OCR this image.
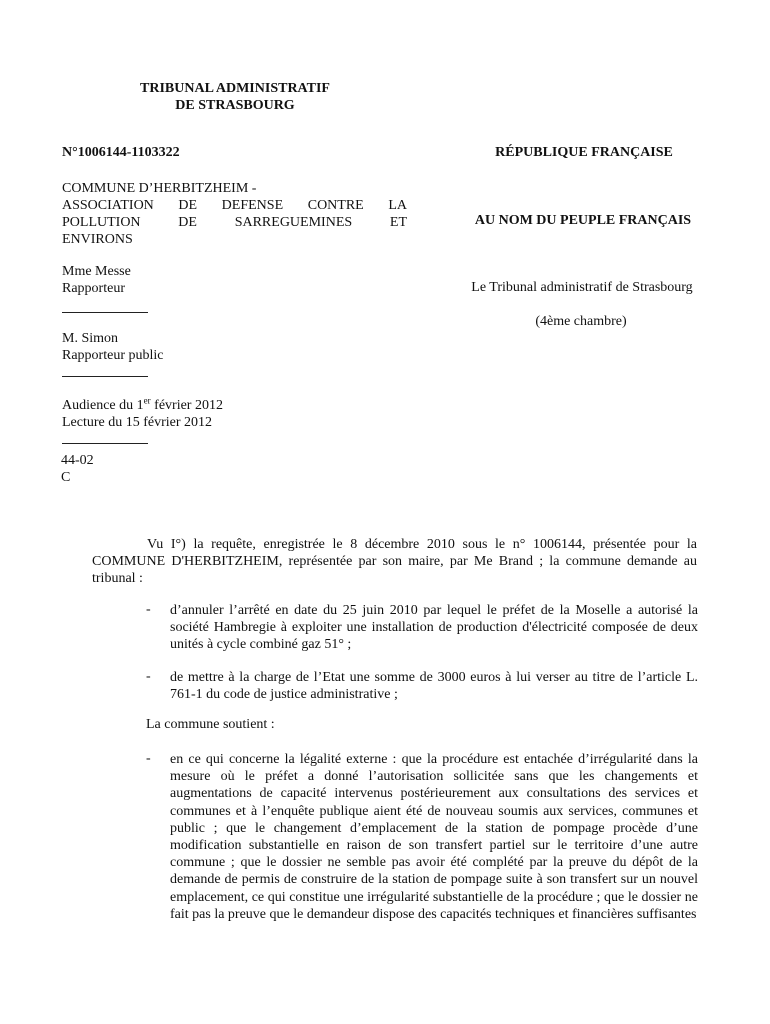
TRIBUNAL ADMINISTRATIF
DE STRASBOURG
N°1006144-1103322	RÉPUBLIQUE FRANÇAISE
COMMUNE D’HERBITZHEIM -
ASSOCIATION DE DEFENSE CONTRE LA
POLLUTION DE SARREGUEMINES ET
ENVIRONS
AU NOM DU PEUPLE FRANÇAIS
Mme Messe
Rapporteur	Le Tribunal administratif de Strasbourg
(4ème chambre)
M. Simon
Rapporteur public
Audience du 1er février 2012
Lecture du 15 février 2012
44-02
C
Vu I°) la requête, enregistrée le 8 décembre 2010 sous le n° 1006144, présentée pour la COMMUNE D'HERBITZHEIM, représentée par son maire, par Me Brand ; la commune demande au tribunal :
- d’annuler l’arrêté en date du 25 juin 2010 par lequel le préfet de la Moselle a autorisé la société Hambregie à exploiter une installation de production d'électricité composée de deux unités à cycle combiné gaz 51° ;
- de mettre à la charge de l’Etat une somme de 3000 euros à lui verser au titre de l’article L. 761-1 du code de justice administrative ;
La commune soutient :
- en ce qui concerne la légalité externe : que la procédure est entachée d’irrégularité dans la mesure où le préfet a donné l’autorisation sollicitée sans que les changements et augmentations de capacité intervenus postérieurement aux consultations des services et communes et à l’enquête publique aient été de nouveau soumis aux services, communes et public ; que le changement d’emplacement de la station de pompage procède d’une modification substantielle en raison de son transfert partiel sur le territoire d’une autre commune ; que le dossier ne semble pas avoir été complété par la preuve du dépôt de la demande de permis de construire de la station de pompage suite à son transfert sur un nouvel emplacement, ce qui constitue une irrégularité substantielle de la procédure ; que le dossier ne fait pas la preuve que le demandeur dispose des capacités techniques et financières suffisantes
